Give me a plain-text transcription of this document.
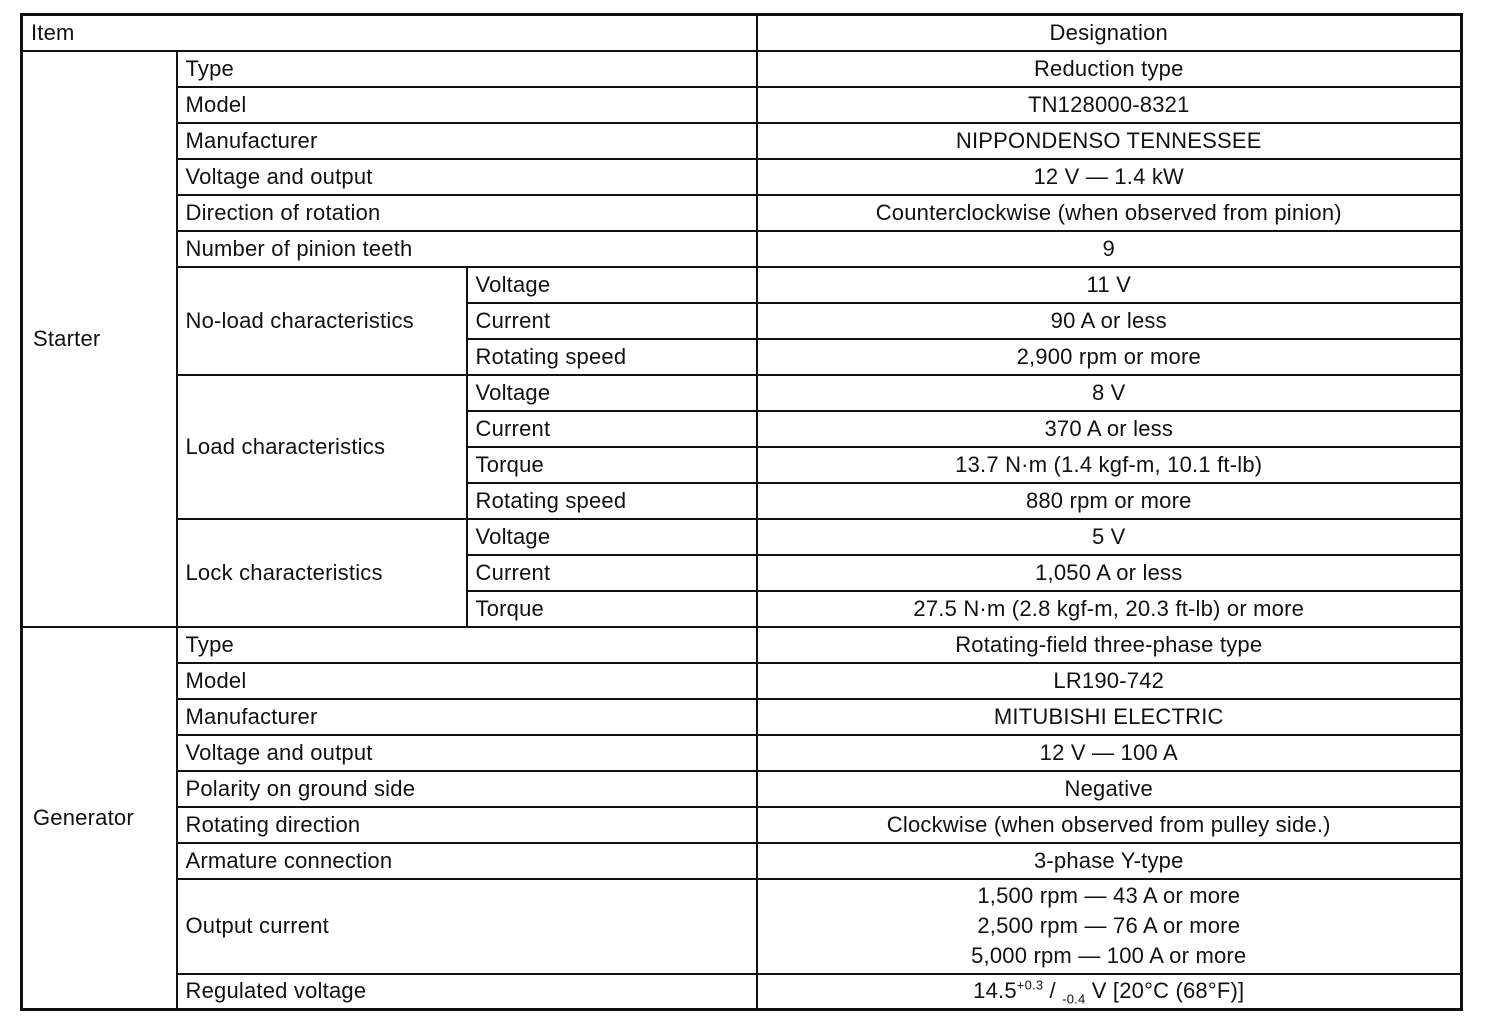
Item			Designation
Starter	Type		Reduction type
	Model		TN128000-8321
	Manufacturer		NIPPONDENSO TENNESSEE
	Voltage and output		12 V — 1.4 kW
	Direction of rotation		Counterclockwise (when observed from pinion)
	Number of pinion teeth		9
	No-load characteristics	Voltage	11 V
		Current	90 A or less
		Rotating speed	2,900 rpm or more
	Load characteristics	Voltage	8 V
		Current	370 A or less
		Torque	13.7 N·m (1.4 kgf-m, 10.1 ft-lb)
		Rotating speed	880 rpm or more
	Lock characteristics	Voltage	5 V
		Current	1,050 A or less
		Torque	27.5 N·m (2.8 kgf-m, 20.3 ft-lb) or more
Generator	Type		Rotating-field three-phase type
	Model		LR190-742
	Manufacturer		MITUBISHI ELECTRIC
	Voltage and output		12 V — 100 A
	Polarity on ground side		Negative
	Rotating direction		Clockwise (when observed from pulley side.)
	Armature connection		3-phase Y-type
	Output current		1,500 rpm — 43 A or more
2,500 rpm — 76 A or more
5,000 rpm — 100 A or more

	Regulated voltage		$14.5^{+0.3} / _{-0.4}$ V [20°C (68°F)]
